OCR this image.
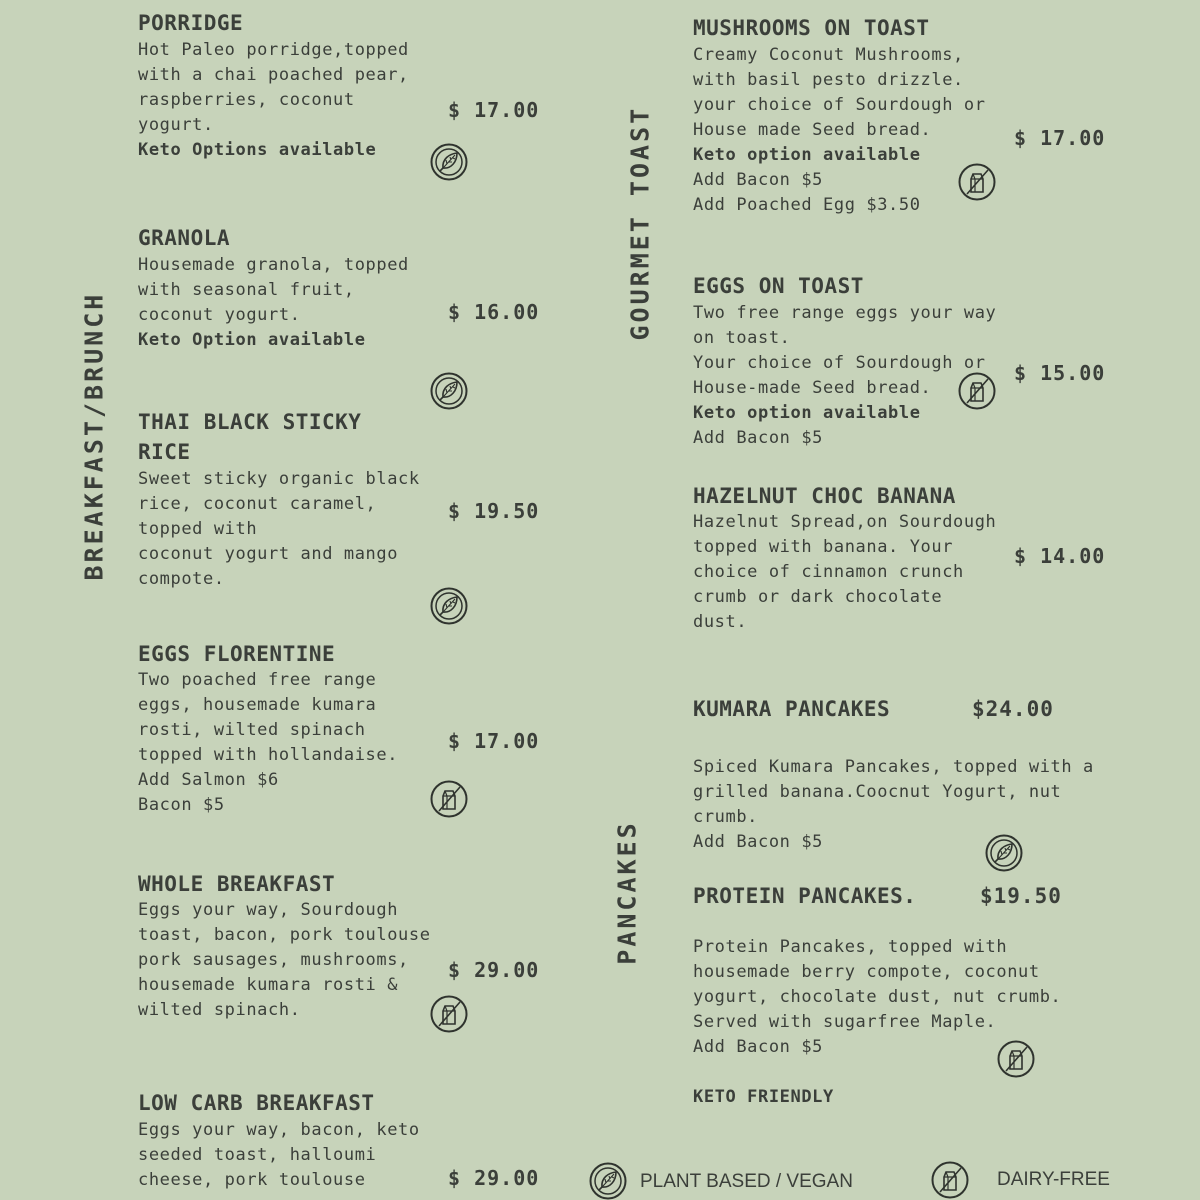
BREAKFAST/BRUNCH
GOURMET TOAST
PANCAKES
PORRIDGE
Hot Paleo porridge,topped
with a chai poached pear,
raspberries, coconut
yogurt.
Keto Options available
$ 17.00
GRANOLA
Housemade granola, topped
with seasonal fruit,
coconut yogurt.
Keto Option available
$ 16.00
THAI BLACK STICKY
RICE
Sweet sticky organic black
rice, coconut caramel,
topped with
coconut yogurt and mango
compote.
$ 19.50
EGGS FLORENTINE
Two poached free range
eggs, housemade kumara
rosti, wilted spinach
topped with hollandaise.
Add Salmon $6
Bacon $5
$ 17.00
WHOLE BREAKFAST
Eggs your way, Sourdough
toast, bacon, pork toulouse
pork sausages, mushrooms,
housemade kumara rosti &
wilted spinach.
$ 29.00
LOW CARB BREAKFAST
Eggs your way, bacon, keto
seeded toast, halloumi
cheese, pork toulouse	$ 29.00
MUSHROOMS ON TOAST
Creamy Coconut Mushrooms,
with basil pesto drizzle.
your choice of Sourdough or
House made Seed bread.
Keto option available
Add Bacon $5
Add Poached Egg $3.50
$ 17.00
EGGS ON TOAST
Two free range eggs your way
on toast.
Your choice of Sourdough or
House-made Seed bread.
Keto option available
Add Bacon $5
$ 15.00
HAZELNUT CHOC BANANA
Hazelnut Spread,on Sourdough
topped with banana. Your
choice of cinnamon crunch
crumb or dark chocolate
dust.
$ 14.00
KUMARA PANCAKES	$24.00
Spiced Kumara Pancakes, topped with a
grilled banana.Coocnut Yogurt, nut
crumb.
Add Bacon $5
PROTEIN PANCAKES.	$19.50
Protein Pancakes, topped with
housemade berry compote, coconut
yogurt, chocolate dust, nut crumb.
Served with sugarfree Maple.
Add Bacon $5
KETO FRIENDLY
PLANT BASED / VEGAN	DAIRY-FREE
